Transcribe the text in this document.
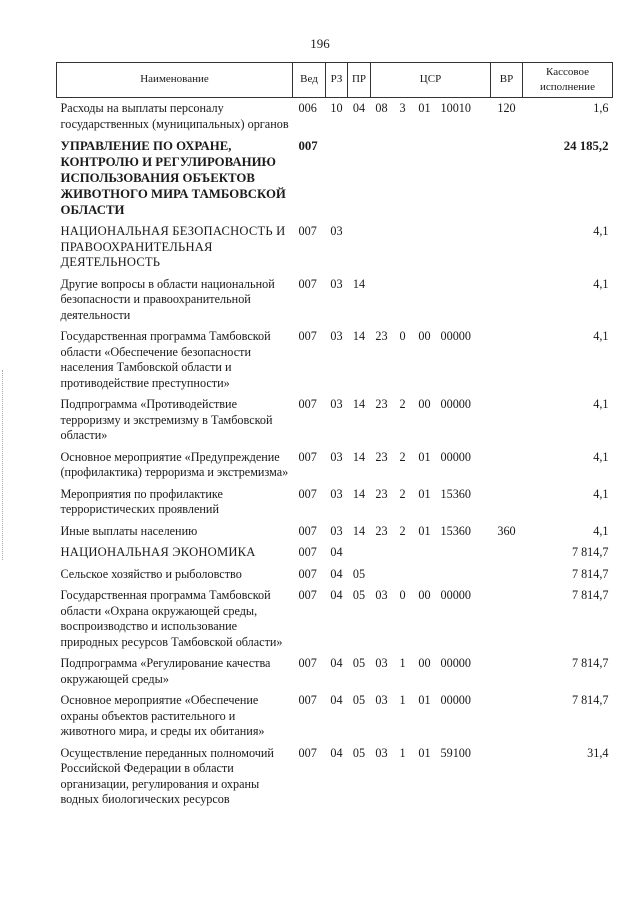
196
Наименование	Вед	РЗ	ПР	ЦСР	ВР	Кассовое исполнение
Расходы на выплаты персоналу государственных (муниципальных) органов	006	10	04	08 3 01 10010	120	1,6
УПРАВЛЕНИЕ ПО ОХРАНЕ, КОНТРОЛЮ И РЕГУЛИРОВАНИЮ ИСПОЛЬЗОВАНИЯ ОБЪЕКТОВ ЖИВОТНОГО МИРА ТАМБОВСКОЙ ОБЛАСТИ	007					24 185,2
НАЦИОНАЛЬНАЯ БЕЗОПАСНОСТЬ И ПРАВООХРАНИТЕЛЬНАЯ ДЕЯТЕЛЬНОСТЬ	007	03				4,1
Другие вопросы в области национальной безопасности и правоохранительной деятельности	007	03	14			4,1
Государственная программа Тамбовской области «Обеспечение безопасности населения Тамбовской области и противодействие преступности»	007	03	14	23 0 00 00000		4,1
Подпрограмма «Противодействие терроризму и экстремизму в Тамбовской области»	007	03	14	23 2 00 00000		4,1
Основное мероприятие «Предупреждение (профилактика) терроризма и экстремизма»	007	03	14	23 2 01 00000		4,1
Мероприятия по профилактике террористических проявлений	007	03	14	23 2 01 15360		4,1
Иные выплаты населению	007	03	14	23 2 01 15360	360	4,1
НАЦИОНАЛЬНАЯ ЭКОНОМИКА	007	04				7 814,7
Сельское хозяйство и рыболовство	007	04	05			7 814,7
Государственная программа Тамбовской области «Охрана окружающей среды, воспроизводство и использование природных ресурсов Тамбовской области»	007	04	05	03 0 00 00000		7 814,7
Подпрограмма «Регулирование качества окружающей среды»	007	04	05	03 1 00 00000		7 814,7
Основное мероприятие «Обеспечение охраны объектов растительного и животного мира, и среды их обитания»	007	04	05	03 1 01 00000		7 814,7
Осуществление переданных полномочий Российской Федерации в области организации, регулирования и охраны водных биологических ресурсов	007	04	05	03 1 01 59100		31,4
